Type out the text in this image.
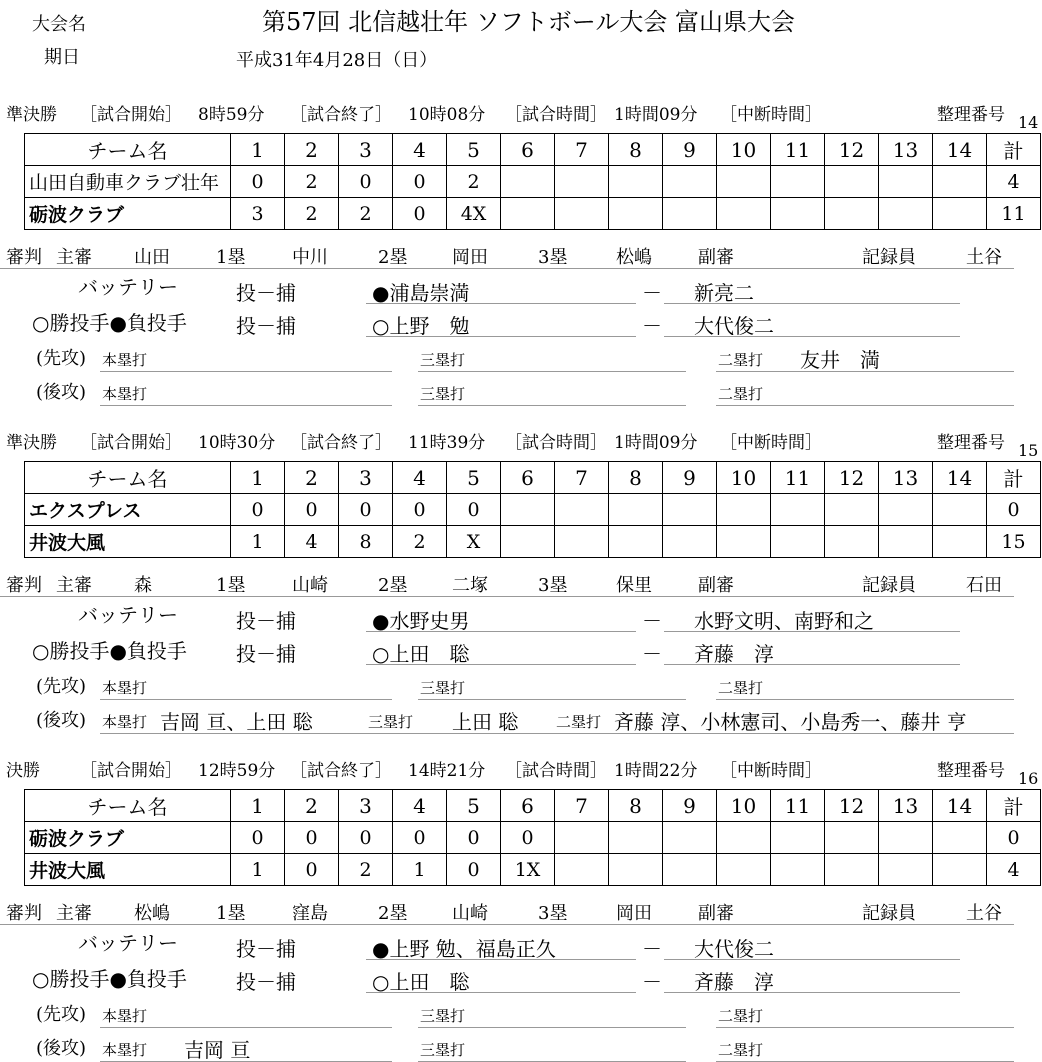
大会名	第57回 北信越壮年 ソフトボール大会 富山県大会
期日	平成31年4月28日（日）
準決勝 ［試合開始］ 8時59分 ［試合終了］ 10時08分 ［試合時間］ 1時間09分 ［中断時間］	整理番号 14
チーム名	1	2	3	4	5	6	7	8	9	10	11	12	13	14	計
山田自動車クラブ壮年	0	2	0	0	2										4
砺波クラブ	3	2	2	0	4X										11
審判 主審 山田	1塁	中川	2塁 岡田	3塁	松嶋	副審	記録員	土谷
バッテリー	投－捕	●浦島崇満	－ 新亮二
○勝投手●負投手 投－捕	○上野　勉	－ 大代俊二
(先攻) 本塁打	三塁打	二塁打 友井　満
(後攻) 本塁打	三塁打	二塁打
準決勝 ［試合開始］ 10時30分 ［試合終了］ 11時39分 ［試合時間］ 1時間09分 ［中断時間］	整理番号 15
チーム名	1	2	3	4	5	6	7	8	9	10	11	12	13	14	計
エクスプレス	0	0	0	0	0										0
井波大風	1	4	8	2	X										15
審判 主審 森	1塁	山崎	2塁 二塚	3塁	保里	副審	記録員	石田
バッテリー	投－捕	●水野史男	－ 水野文明、南野和之
○勝投手●負投手 投－捕	○上田　聡	－ 斉藤　淳
(先攻) 本塁打	三塁打	二塁打
(後攻) 本塁打 吉岡 亘、上田 聡	三塁打 上田 聡	二塁打 斉藤 淳、小林憲司、小島秀一、藤井 亨
決勝 ［試合開始］ 12時59分 ［試合終了］ 14時21分 ［試合時間］ 1時間22分 ［中断時間］	整理番号 16
チーム名	1	2	3	4	5	6	7	8	9	10	11	12	13	14	計
砺波クラブ	0	0	0	0	0	0									0
井波大風	1	0	2	1	0	1X									4
審判 主審 松嶋	1塁	窪島	2塁 山崎	3塁	岡田	副審	記録員	土谷
バッテリー	投－捕	●上野 勉、福島正久	－ 大代俊二
○勝投手●負投手 投－捕	○上田　聡	－ 斉藤　淳
(先攻) 本塁打	三塁打	二塁打
(後攻) 本塁打 吉岡 亘	三塁打	二塁打
